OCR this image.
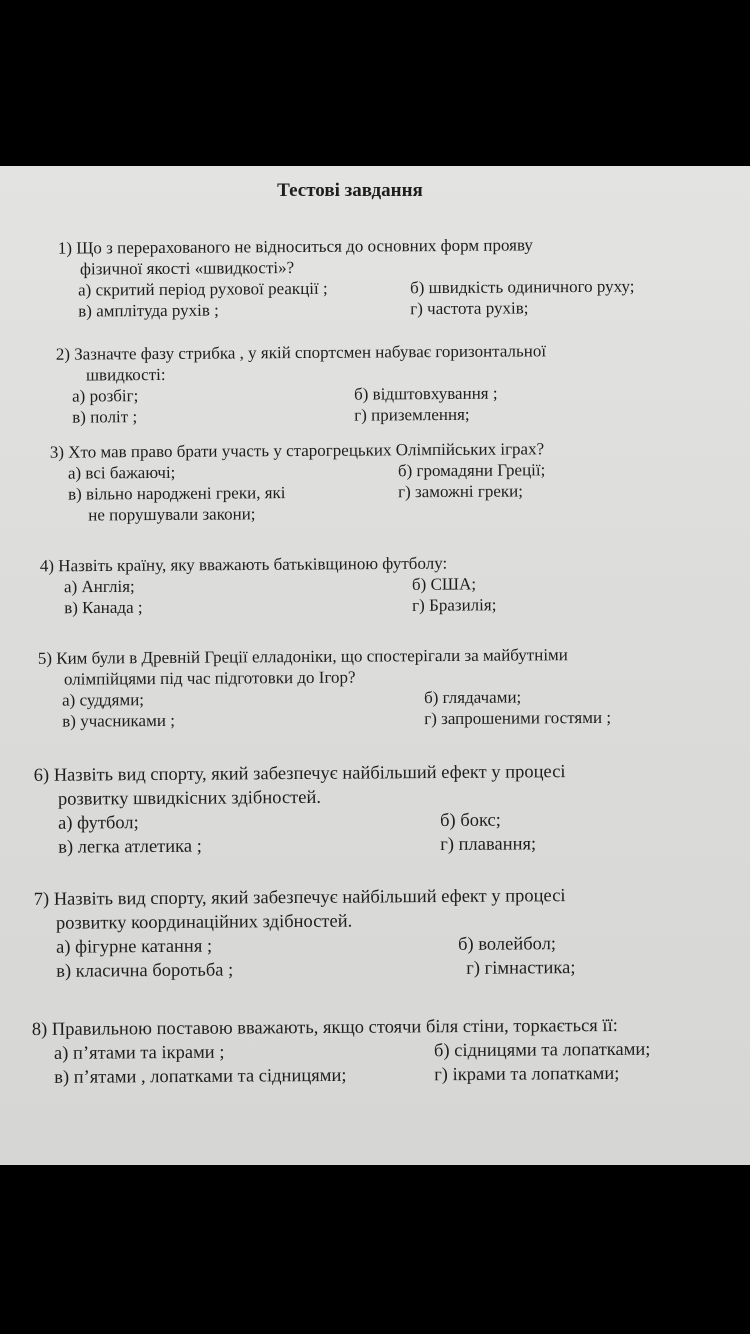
Тестові завдання
1) Що з перерахованого не відноситься до основних форм прояву
фізичної якості «швидкості»?
а) скритий період рухової реакції ;	б) швидкість одиничного руху;
в) амплітуда рухів ;	г) частота рухів;
2) Зазначте фазу стрибка , у якій спортсмен набуває горизонтальної
швидкості:
а) розбіг;	б) відштовхування ;
в) політ ;	г) приземлення;
3) Хто мав право брати участь у старогрецьких Олімпійських іграх?
а) всі бажаючі;	б) громадяни Греції;
в) вільно народжені греки, які	г) заможні греки;
не порушували закони;
4) Назвіть країну, яку вважають батьківщиною футболу:
а) Англія;	б) США;
в) Канада ;	г) Бразилія;
5) Ким були в Древній Греції елладоніки, що спостерігали за майбутніми
олімпійцями під час підготовки до Ігор?
а) суддями;	б) глядачами;
в) учасниками ;	г) запрошеними гостями ;
6) Назвіть вид спорту, який забезпечує найбільший ефект у процесі
розвитку швидкісних здібностей.
а) футбол;	б) бокс;
в) легка атлетика ;	г) плавання;
7) Назвіть вид спорту, який забезпечує найбільший ефект у процесі
розвитку координаційних здібностей.
а) фігурне катання ;	б) волейбол;
в) класична боротьба ;	г) гімнастика;
8) Правильною поставою вважають, якщо стоячи біля стіни, торкається її:
а) п’ятами та ікрами ;	б) сідницями та лопатками;
в) п’ятами , лопатками та сідницями;	г) ікрами та лопатками;
